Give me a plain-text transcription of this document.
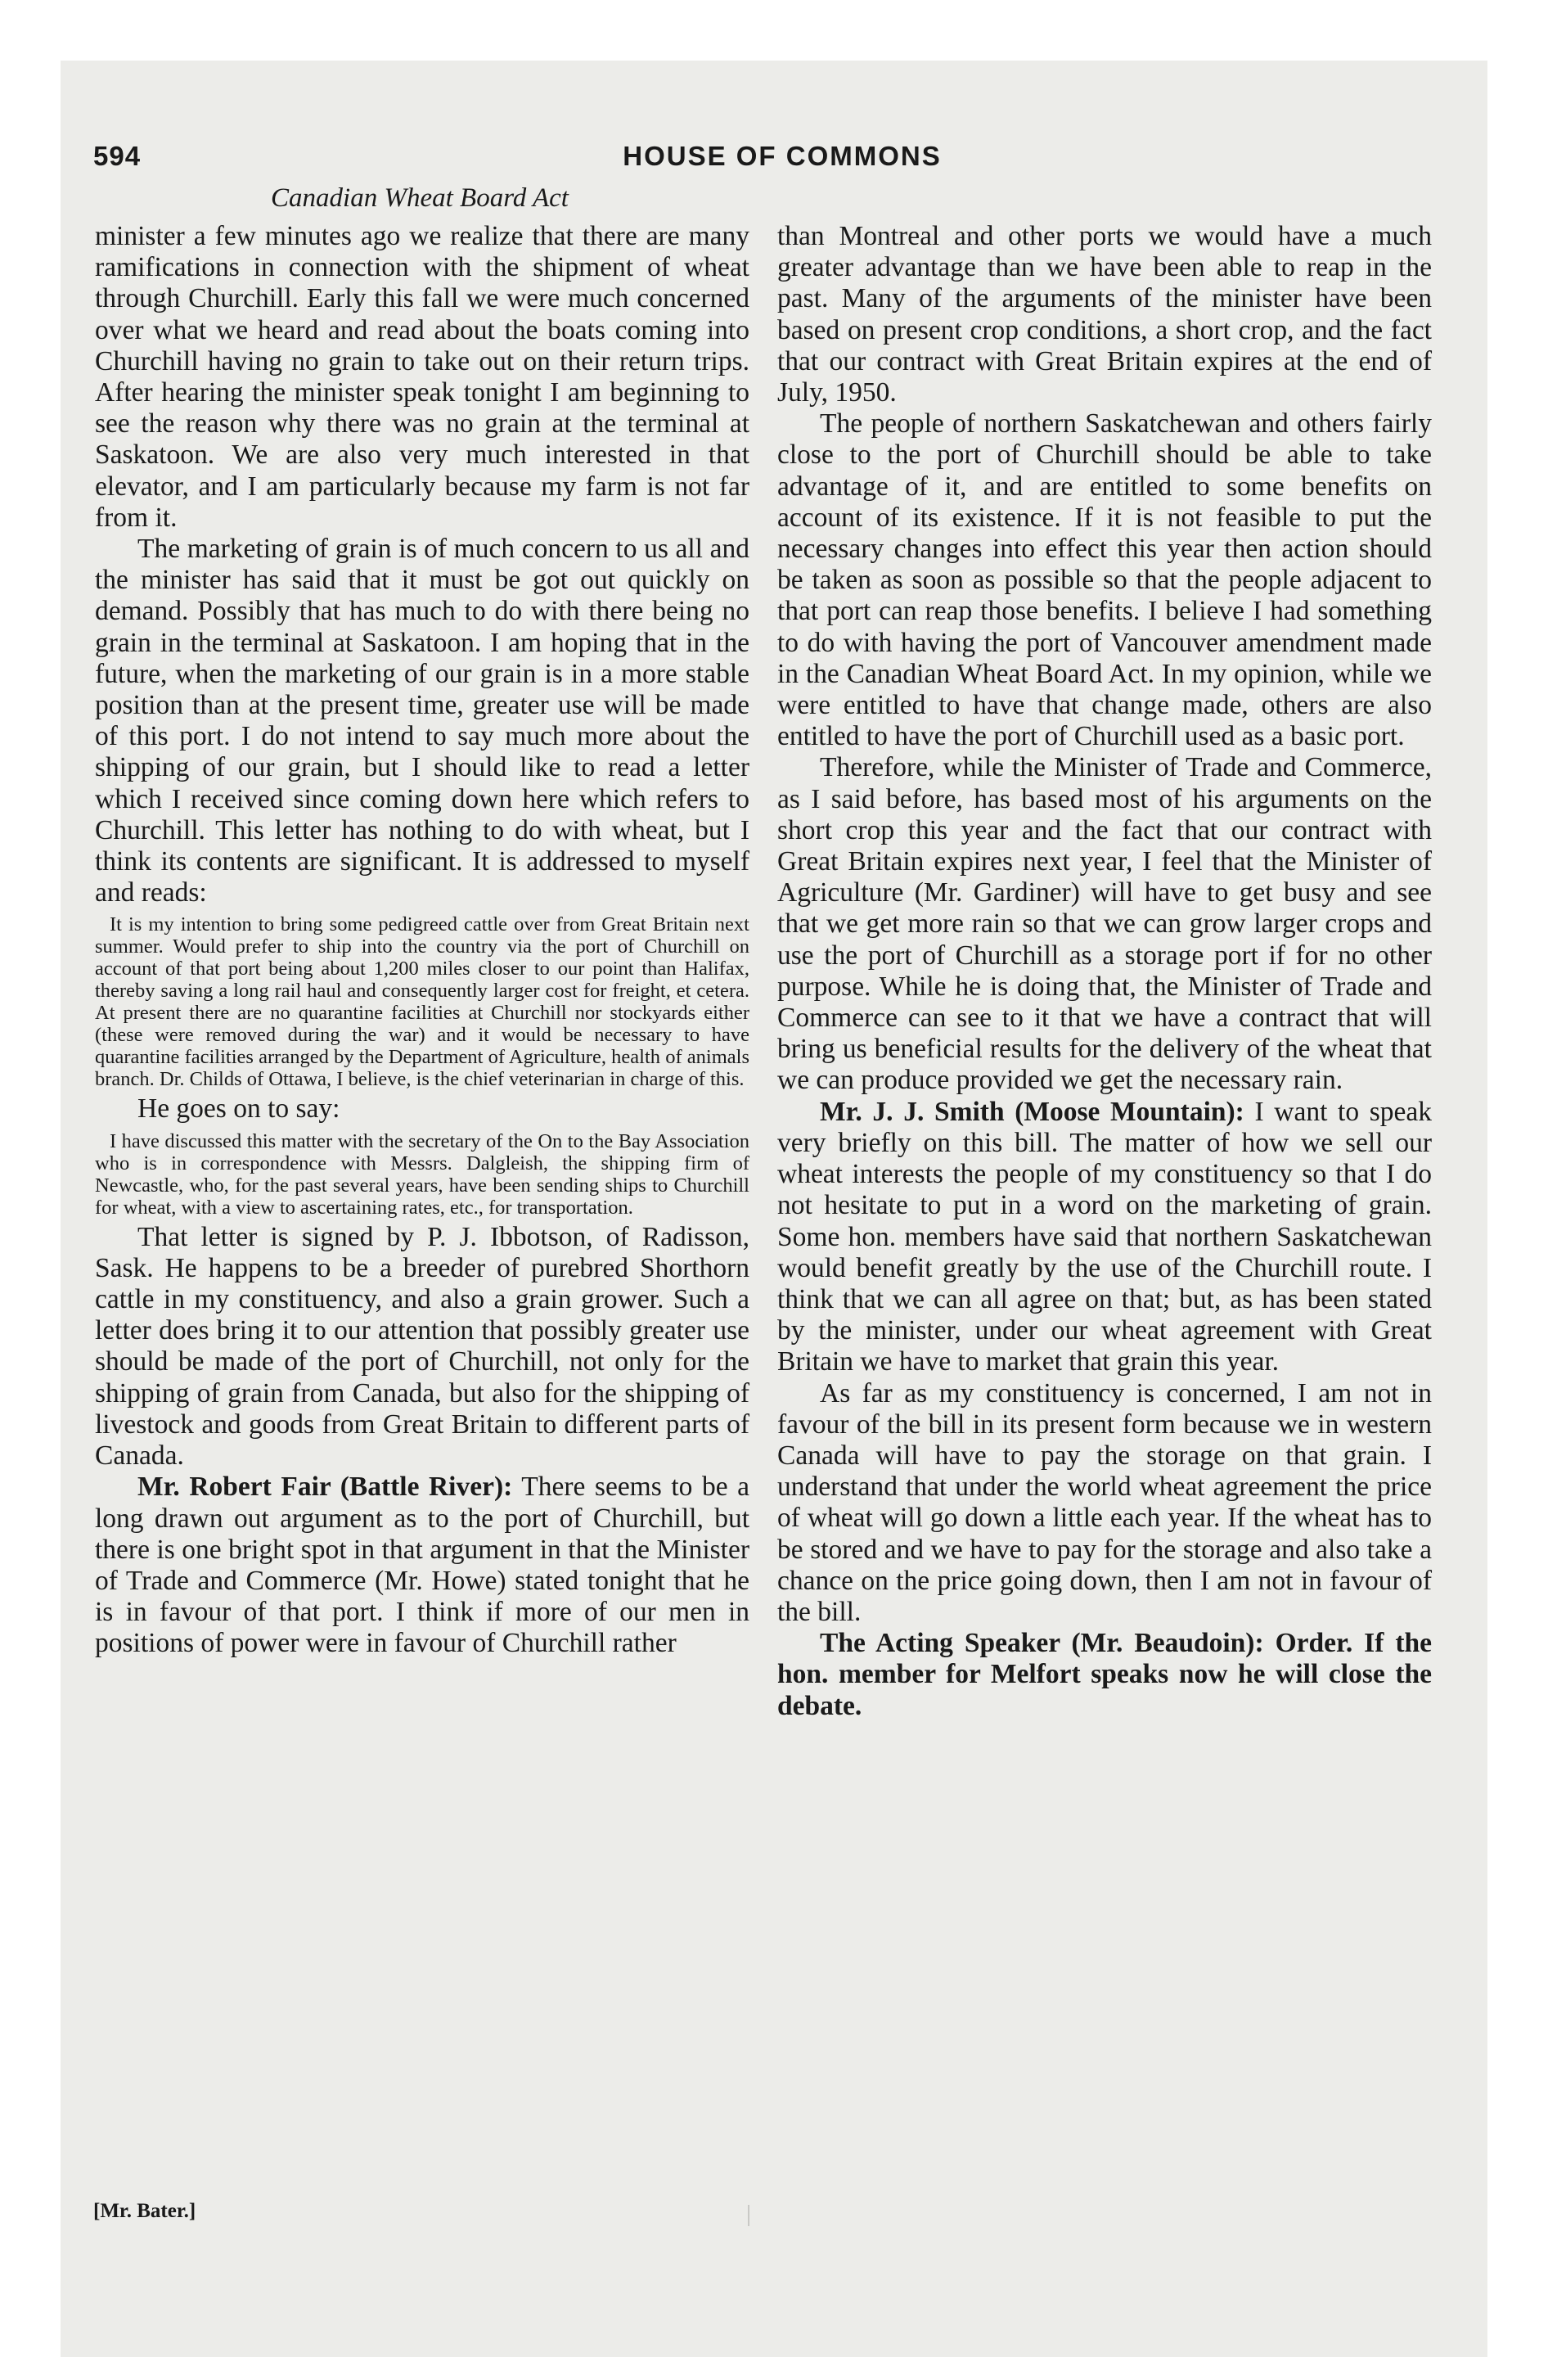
594	HOUSE OF COMMONS
Canadian Wheat Board Act

minister a few minutes ago we realize that there are many ramifications in connection with the shipment of wheat through Churchill. Early this fall we were much concerned over what we heard and read about the boats coming into Churchill having no grain to take out on their return trips. After hearing the minister speak tonight I am beginning to see the reason why there was no grain at the terminal at Saskatoon. We are also very much interested in that elevator, and I am particularly because my farm is not far from it.

The marketing of grain is of much concern to us all and the minister has said that it must be got out quickly on demand. Possibly that has much to do with there being no grain in the terminal at Saskatoon. I am hoping that in the future, when the marketing of our grain is in a more stable position than at the present time, greater use will be made of this port. I do not intend to say much more about the shipping of our grain, but I should like to read a letter which I received since coming down here which refers to Churchill. This letter has nothing to do with wheat, but I think its contents are significant. It is addressed to myself and reads:

It is my intention to bring some pedigreed cattle over from Great Britain next summer. Would prefer to ship into the country via the port of Churchill on account of that port being about 1,200 miles closer to our point than Halifax, thereby saving a long rail haul and consequently larger cost for freight, et cetera. At present there are no quarantine facilities at Churchill nor stockyards either (these were removed during the war) and it would be necessary to have quarantine facilities arranged by the Department of Agriculture, health of animals branch. Dr. Childs of Ottawa, I believe, is the chief veterinarian in charge of this.

He goes on to say:

I have discussed this matter with the secretary of the On to the Bay Association who is in correspondence with Messrs. Dalgleish, the shipping firm of Newcastle, who, for the past several years, have been sending ships to Churchill for wheat, with a view to ascertaining rates, etc., for transportation.

That letter is signed by P. J. Ibbotson, of Radisson, Sask. He happens to be a breeder of purebred Shorthorn cattle in my constituency, and also a grain grower. Such a letter does bring it to our attention that possibly greater use should be made of the port of Churchill, not only for the shipping of grain from Canada, but also for the shipping of livestock and goods from Great Britain to different parts of Canada.

Mr. Robert Fair (Battle River): There seems to be a long drawn out argument as to the port of Churchill, but there is one bright spot in that argument in that the Minister of Trade and Commerce (Mr. Howe) stated tonight that he is in favour of that port. I think if more of our men in positions of power were in favour of Churchill rather

than Montreal and other ports we would have a much greater advantage than we have been able to reap in the past. Many of the arguments of the minister have been based on present crop conditions, a short crop, and the fact that our contract with Great Britain expires at the end of July, 1950.

The people of northern Saskatchewan and others fairly close to the port of Churchill should be able to take advantage of it, and are entitled to some benefits on account of its existence. If it is not feasible to put the necessary changes into effect this year then action should be taken as soon as possible so that the people adjacent to that port can reap those benefits. I believe I had something to do with having the port of Vancouver amendment made in the Canadian Wheat Board Act. In my opinion, while we were entitled to have that change made, others are also entitled to have the port of Churchill used as a basic port.

Therefore, while the Minister of Trade and Commerce, as I said before, has based most of his arguments on the short crop this year and the fact that our contract with Great Britain expires next year, I feel that the Minister of Agriculture (Mr. Gardiner) will have to get busy and see that we get more rain so that we can grow larger crops and use the port of Churchill as a storage port if for no other purpose. While he is doing that, the Minister of Trade and Commerce can see to it that we have a contract that will bring us beneficial results for the delivery of the wheat that we can produce provided we get the necessary rain.

Mr. J. J. Smith (Moose Mountain): I want to speak very briefly on this bill. The matter of how we sell our wheat interests the people of my constituency so that I do not hesitate to put in a word on the marketing of grain. Some hon. members have said that northern Saskatchewan would benefit greatly by the use of the Churchill route. I think that we can all agree on that; but, as has been stated by the minister, under our wheat agreement with Great Britain we have to market that grain this year.

As far as my constituency is concerned, I am not in favour of the bill in its present form because we in western Canada will have to pay the storage on that grain. I understand that under the world wheat agreement the price of wheat will go down a little each year. If the wheat has to be stored and we have to pay for the storage and also take a chance on the price going down, then I am not in favour of the bill.

The Acting Speaker (Mr. Beaudoin): Order. If the hon. member for Melfort speaks now he will close the debate.

[Mr. Bater.]
